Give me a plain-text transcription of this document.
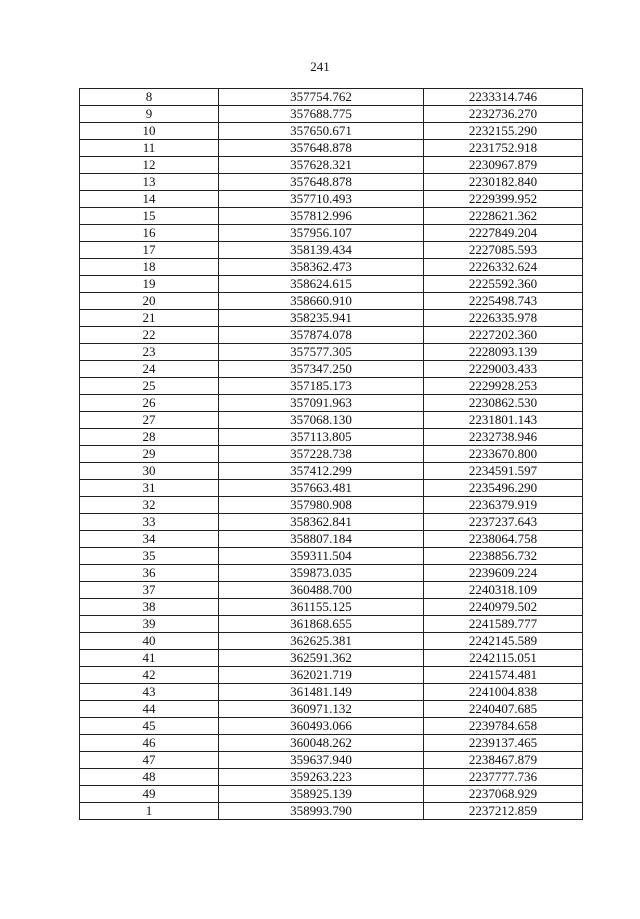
241
8	357754.762	2233314.746
9	357688.775	2232736.270
10	357650.671	2232155.290
11	357648.878	2231752.918
12	357628.321	2230967.879
13	357648.878	2230182.840
14	357710.493	2229399.952
15	357812.996	2228621.362
16	357956.107	2227849.204
17	358139.434	2227085.593
18	358362.473	2226332.624
19	358624.615	2225592.360
20	358660.910	2225498.743
21	358235.941	2226335.978
22	357874.078	2227202.360
23	357577.305	2228093.139
24	357347.250	2229003.433
25	357185.173	2229928.253
26	357091.963	2230862.530
27	357068.130	2231801.143
28	357113.805	2232738.946
29	357228.738	2233670.800
30	357412.299	2234591.597
31	357663.481	2235496.290
32	357980.908	2236379.919
33	358362.841	2237237.643
34	358807.184	2238064.758
35	359311.504	2238856.732
36	359873.035	2239609.224
37	360488.700	2240318.109
38	361155.125	2240979.502
39	361868.655	2241589.777
40	362625.381	2242145.589
41	362591.362	2242115.051
42	362021.719	2241574.481
43	361481.149	2241004.838
44	360971.132	2240407.685
45	360493.066	2239784.658
46	360048.262	2239137.465
47	359637.940	2238467.879
48	359263.223	2237777.736
49	358925.139	2237068.929
1	358993.790	2237212.859
